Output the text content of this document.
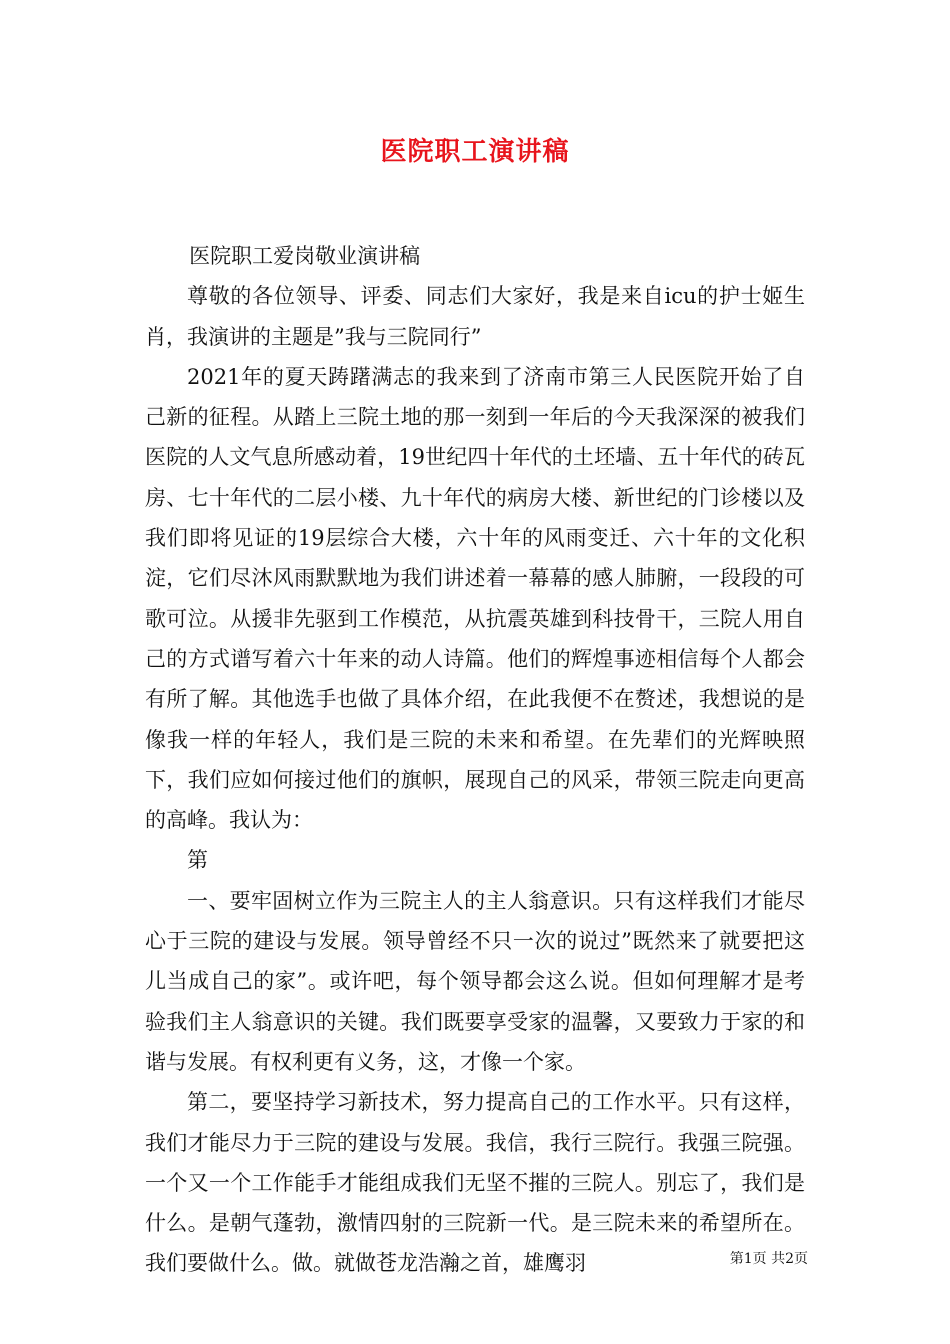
医院职工演讲稿

医院职工爱岗敬业演讲稿

尊敬的各位领导、评委、同志们大家好，我是来自icu的护士姬生肖，我演讲的主题是”我与三院同行”

2021年的夏天踌躇满志的我来到了济南市第三人民医院开始了自己新的征程。从踏上三院土地的那一刻到一年后的今天我深深的被我们医院的人文气息所感动着，19世纪四十年代的土坯墙、五十年代的砖瓦房、七十年代的二层小楼、九十年代的病房大楼、新世纪的门诊楼以及我们即将见证的19层综合大楼，六十年的风雨变迁、六十年的文化积淀，它们尽沐风雨默默地为我们讲述着一幕幕的感人肺腑，一段段的可歌可泣。从援非先驱到工作模范，从抗震英雄到科技骨干，三院人用自己的方式谱写着六十年来的动人诗篇。他们的辉煌事迹相信每个人都会有所了解。其他选手也做了具体介绍，在此我便不在赘述，我想说的是像我一样的年轻人，我们是三院的未来和希望。在先辈们的光辉映照下，我们应如何接过他们的旗帜，展现自己的风采，带领三院走向更高的高峰。我认为：

第

一、要牢固树立作为三院主人的主人翁意识。只有这样我们才能尽心于三院的建设与发展。领导曾经不只一次的说过”既然来了就要把这儿当成自己的家”。或许吧，每个领导都会这么说。但如何理解才是考验我们主人翁意识的关键。我们既要享受家的温馨，又要致力于家的和谐与发展。有权利更有义务，这，才像一个家。

第二，要坚持学习新技术，努力提高自己的工作水平。只有这样，我们才能尽力于三院的建设与发展。我信，我行三院行。我强三院强。一个又一个工作能手才能组成我们无坚不摧的三院人。别忘了，我们是什么。是朝气蓬勃，激情四射的三院新一代。是三院未来的希望所在。我们要做什么。做。就做苍龙浩瀚之首，雄鹰羽	第1页 共2页
